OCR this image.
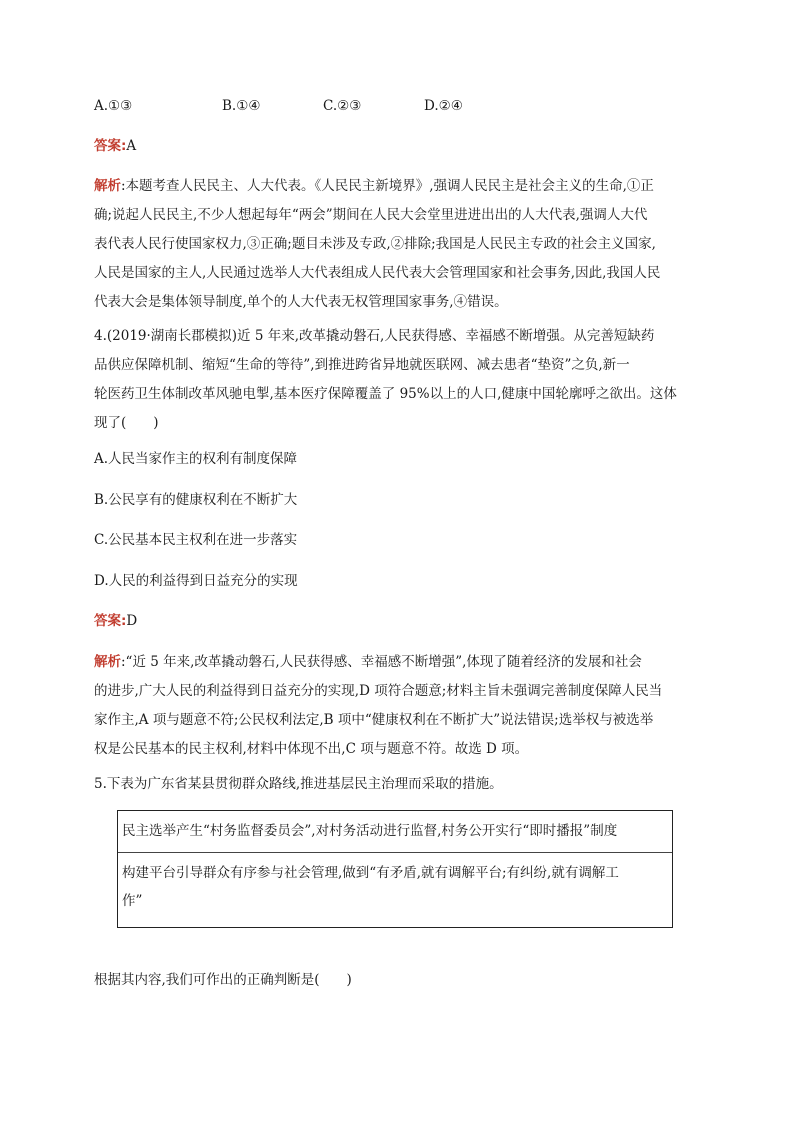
A.①③	B.①④	C.②③	D.②④
答案:A
解析:本题考查人民民主、人大代表。《人民民主新境界》,强调人民民主是社会主义的生命,①正
确;说起人民民主,不少人想起每年“两会”期间在人民大会堂里进进出出的人大代表,强调人大代
表代表人民行使国家权力,③正确;题目未涉及专政,②排除;我国是人民民主专政的社会主义国家,
人民是国家的主人,人民通过选举人大代表组成人民代表大会管理国家和社会事务,因此,我国人民
代表大会是集体领导制度,单个的人大代表无权管理国家事务,④错误。
4.(2019·湖南长郡模拟)近 5 年来,改革撬动磐石,人民获得感、幸福感不断增强。从完善短缺药
品供应保障机制、缩短“生命的等待”,到推进跨省异地就医联网、减去患者“垫资”之负,新一
轮医药卫生体制改革风驰电掣,基本医疗保障覆盖了 95%以上的人口,健康中国轮廓呼之欲出。这体
现了(　　)
A.人民当家作主的权利有制度保障
B.公民享有的健康权利在不断扩大
C.公民基本民主权利在进一步落实
D.人民的利益得到日益充分的实现
答案:D
解析:“近 5 年来,改革撬动磐石,人民获得感、幸福感不断增强”,体现了随着经济的发展和社会
的进步,广大人民的利益得到日益充分的实现,D 项符合题意;材料主旨未强调完善制度保障人民当
家作主,A 项与题意不符;公民权利法定,B 项中“健康权利在不断扩大”说法错误;选举权与被选举
权是公民基本的民主权利,材料中体现不出,C 项与题意不符。故选 D 项。
5.下表为广东省某县贯彻群众路线,推进基层民主治理而采取的措施。
民主选举产生“村务监督委员会”,对村务活动进行监督,村务公开实行“即时播报”制度
构建平台引导群众有序参与社会管理,做到“有矛盾,就有调解平台;有纠纷,就有调解工
作”
根据其内容,我们可作出的正确判断是(　　)
